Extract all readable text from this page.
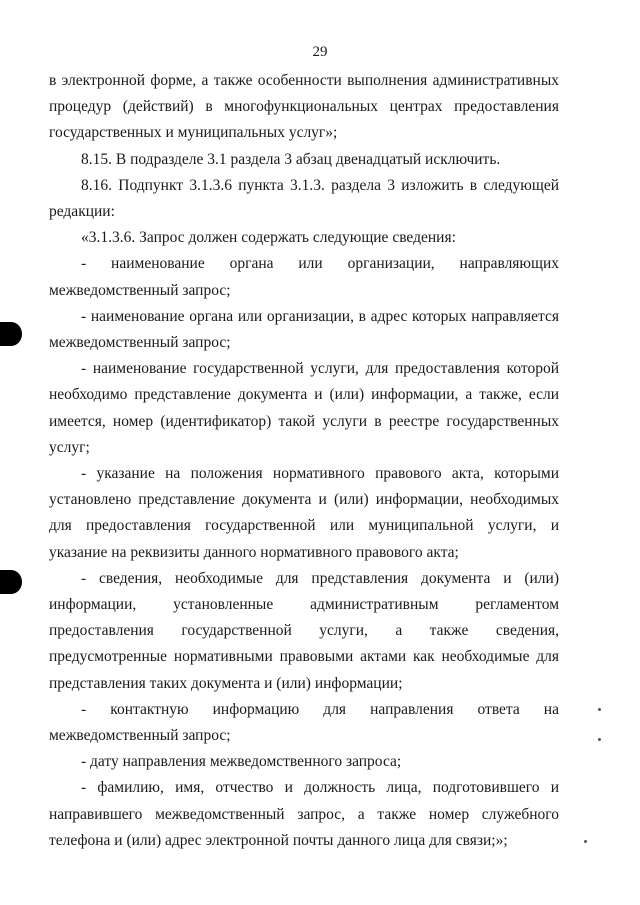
29

в электронной форме, а также особенности выполнения административных процедур (действий) в многофункциональных центрах предоставления государственных и муниципальных услуг»;

8.15. В подразделе 3.1 раздела 3 абзац двенадцатый исключить.

8.16. Подпункт 3.1.3.6 пункта 3.1.3. раздела 3 изложить в следующей редакции:

«3.1.3.6. Запрос должен содержать следующие сведения:

- наименование органа или организации, направляющих межведомственный запрос;

- наименование органа или организации, в адрес которых направляется межведомственный запрос;

- наименование государственной услуги, для предоставления которой необходимо представление документа и (или) информации, а также, если имеется, номер (идентификатор) такой услуги в реестре государственных услуг;

- указание на положения нормативного правового акта, которыми установлено представление документа и (или) информации, необходимых для предоставления государственной или муниципальной услуги, и указание на реквизиты данного нормативного правового акта;

- сведения, необходимые для представления документа и (или) информации, установленные административным регламентом предоставления государственной услуги, а также сведения, предусмотренные нормативными правовыми актами как необходимые для представления таких документа и (или) информации;

- контактную информацию для направления ответа на межведомственный запрос;

- дату направления межведомственного запроса;

- фамилию, имя, отчество и должность лица, подготовившего и направившего межведомственный запрос, а также номер служебного телефона и (или) адрес электронной почты данного лица для связи;»;
